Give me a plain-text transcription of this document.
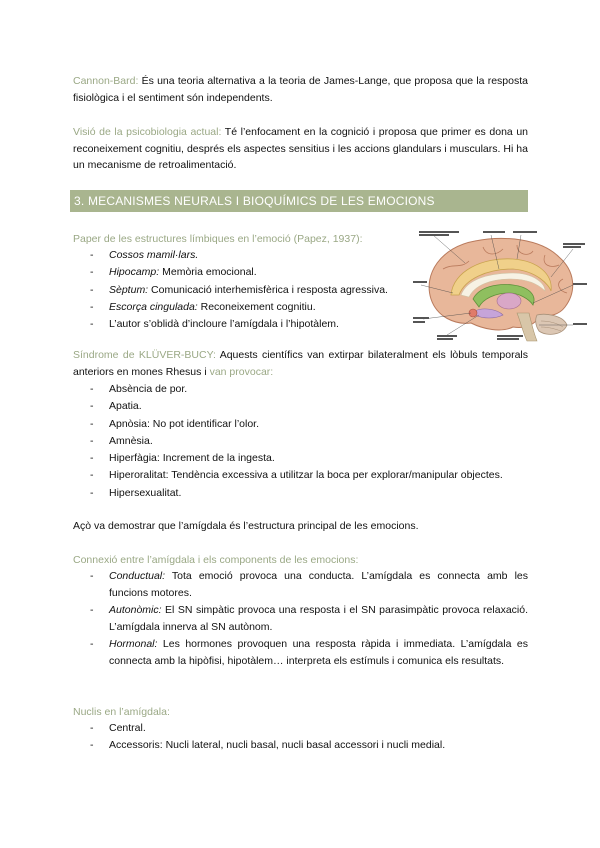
Cannon-Bard: És una teoria alternativa a la teoria de James-Lange, que proposa que la resposta fisiològica i el sentiment són independents.

Visió de la psicobiologia actual: Té l’enfocament en la cognició i proposa que primer es dona un reconeixement cognitiu, després els aspectes sensitius i les accions glandulars i musculars. Hi ha un mecanisme de retroalimentació.

3. MECANISMES NEURALS I BIOQUÍMICS DE LES EMOCIONS

Paper de les estructures límbiques en l’emoció (Papez, 1937):

- Cossos mamil·lars.
- Hipocamp: Memòria emocional.
- Sèptum: Comunicació interhemisfèrica i resposta agressiva.
- Escorça cingulada: Reconeixement cognitiu.
- L’autor s’oblidà d’incloure l’amígdala i l’hipotàlem.

Síndrome de KLÜVER-BUCY: Aquests científics van extirpar bilateralment els lòbuls temporals anteriors en mones Rhesus i van provocar:

- Absència de por.
- Apatia.
- Apnòsia: No pot identificar l’olor.
- Amnèsia.
- Hiperfàgia: Increment de la ingesta.
- Hiperoralitat: Tendència excessiva a utilitzar la boca per explorar/manipular objectes.
- Hipersexualitat.

Açò va demostrar que l’amígdala és l’estructura principal de les emocions.

Connexió entre l’amígdala i els components de les emocions:

- Conductual: Tota emoció provoca una conducta. L’amígdala es connecta amb les funcions motores.
- Autonòmic: El SN simpàtic provoca una resposta i el SN parasimpàtic provoca relaxació. L’amígdala innerva al SN autònom.
- Hormonal: Les hormones provoquen una resposta ràpida i immediata. L’amígdala es connecta amb la hipòfisi, hipotàlem… interpreta els estímuls i comunica els resultats.

Nuclis en l’amígdala:

- Central.
- Accessoris: Nucli lateral, nucli basal, nucli basal accessori i nucli medial.
